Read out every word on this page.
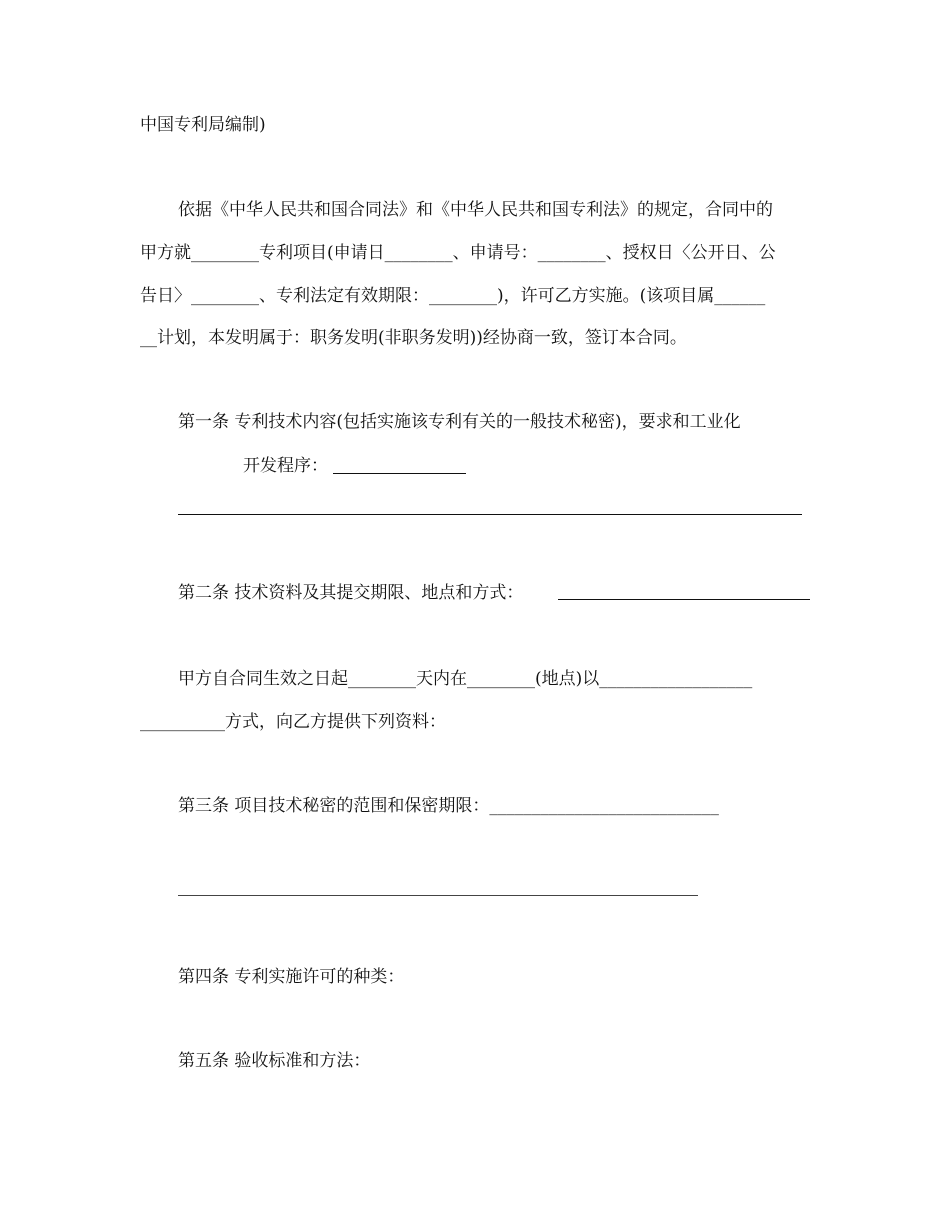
中国专利局编制)
依据《中华人民共和国合同法》和《中华人民共和国专利法》的规定，合同中的
甲方就________专利项目(申请日________、申请号：________、授权日〈公开日、公
告日〉________、专利法定有效期限：________)，许可乙方实施。(该项目属______
__计划，本发明属于：职务发明(非职务发明))经协商一致，签订本合同。
第一条 专利技术内容(包括实施该专利有关的一般技术秘密)，要求和工业化
开发程序：
第二条 技术资料及其提交期限、地点和方式：
甲方自合同生效之日起________天内在________(地点)以__________________
__________方式，向乙方提供下列资料：
第三条 项目技术秘密的范围和保密期限：___________________________
第四条 专利实施许可的种类：
第五条 验收标准和方法：
